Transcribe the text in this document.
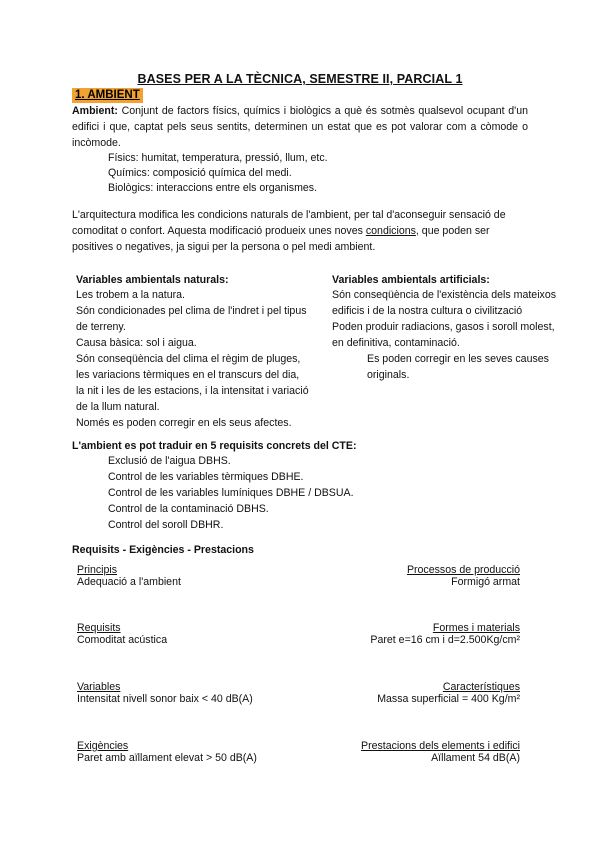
BASES PER A LA TÈCNICA, SEMESTRE II, PARCIAL 1
1. AMBIENT
Ambient: Conjunt de factors físics, químics i biològics a què és sotmès qualsevol ocupant d'un edifici i que, captat pels seus sentits, determinen un estat que es pot valorar com a còmode o incòmode.
Físics: humitat, temperatura, pressió, llum, etc.
Químics: composició química del medi.
Biològics: interaccions entre els organismes.
L'arquitectura modifica les condicions naturals de l'ambient, per tal d'aconseguir sensació de
comoditat o confort. Aquesta modificació produeix unes noves condicions, que poden ser
positives o negatives, ja sigui per la persona o pel medi ambient.
Variables ambientals naturals:
Les trobem a la natura.
Són condicionades pel clima de l'indret i pel tipus
de terreny.
Causa bàsica: sol i aigua.
Són conseqüència del clima el règim de pluges,
les variacions tèrmiques en el transcurs del dia,
la nit i les de les estacions, i la intensitat i variació
de la llum natural.
Només es poden corregir en els seus afectes.
Variables ambientals artificials:
Són conseqüència de l'existència dels mateixos
edificis i de la nostra cultura o civilització
Poden produir radiacions, gasos i soroll molest,
en definitiva, contaminació.
Es poden corregir en les seves causes
originals.
L'ambient es pot traduir en 5 requisits concrets del CTE:
Exclusió de l'aigua DBHS.
Control de les variables tèrmiques DBHE.
Control de les variables lumíniques DBHE / DBSUA.
Control de la contaminació DBHS.
Control del soroll DBHR.
Requisits - Exigències - Prestacions
Principis
Adequació a l'ambient
Processos de producció
Formigó armat
Requisits
Comoditat acústica
Formes i materials
Paret e=16 cm i d=2.500Kg/cm²
Variables
Intensitat nivell sonor baix < 40 dB(A)
Característiques
Massa superficial = 400 Kg/m²
Exigències
Paret amb aïllament elevat > 50 dB(A)
Prestacions dels elements i edifici
Aïllament 54 dB(A)
